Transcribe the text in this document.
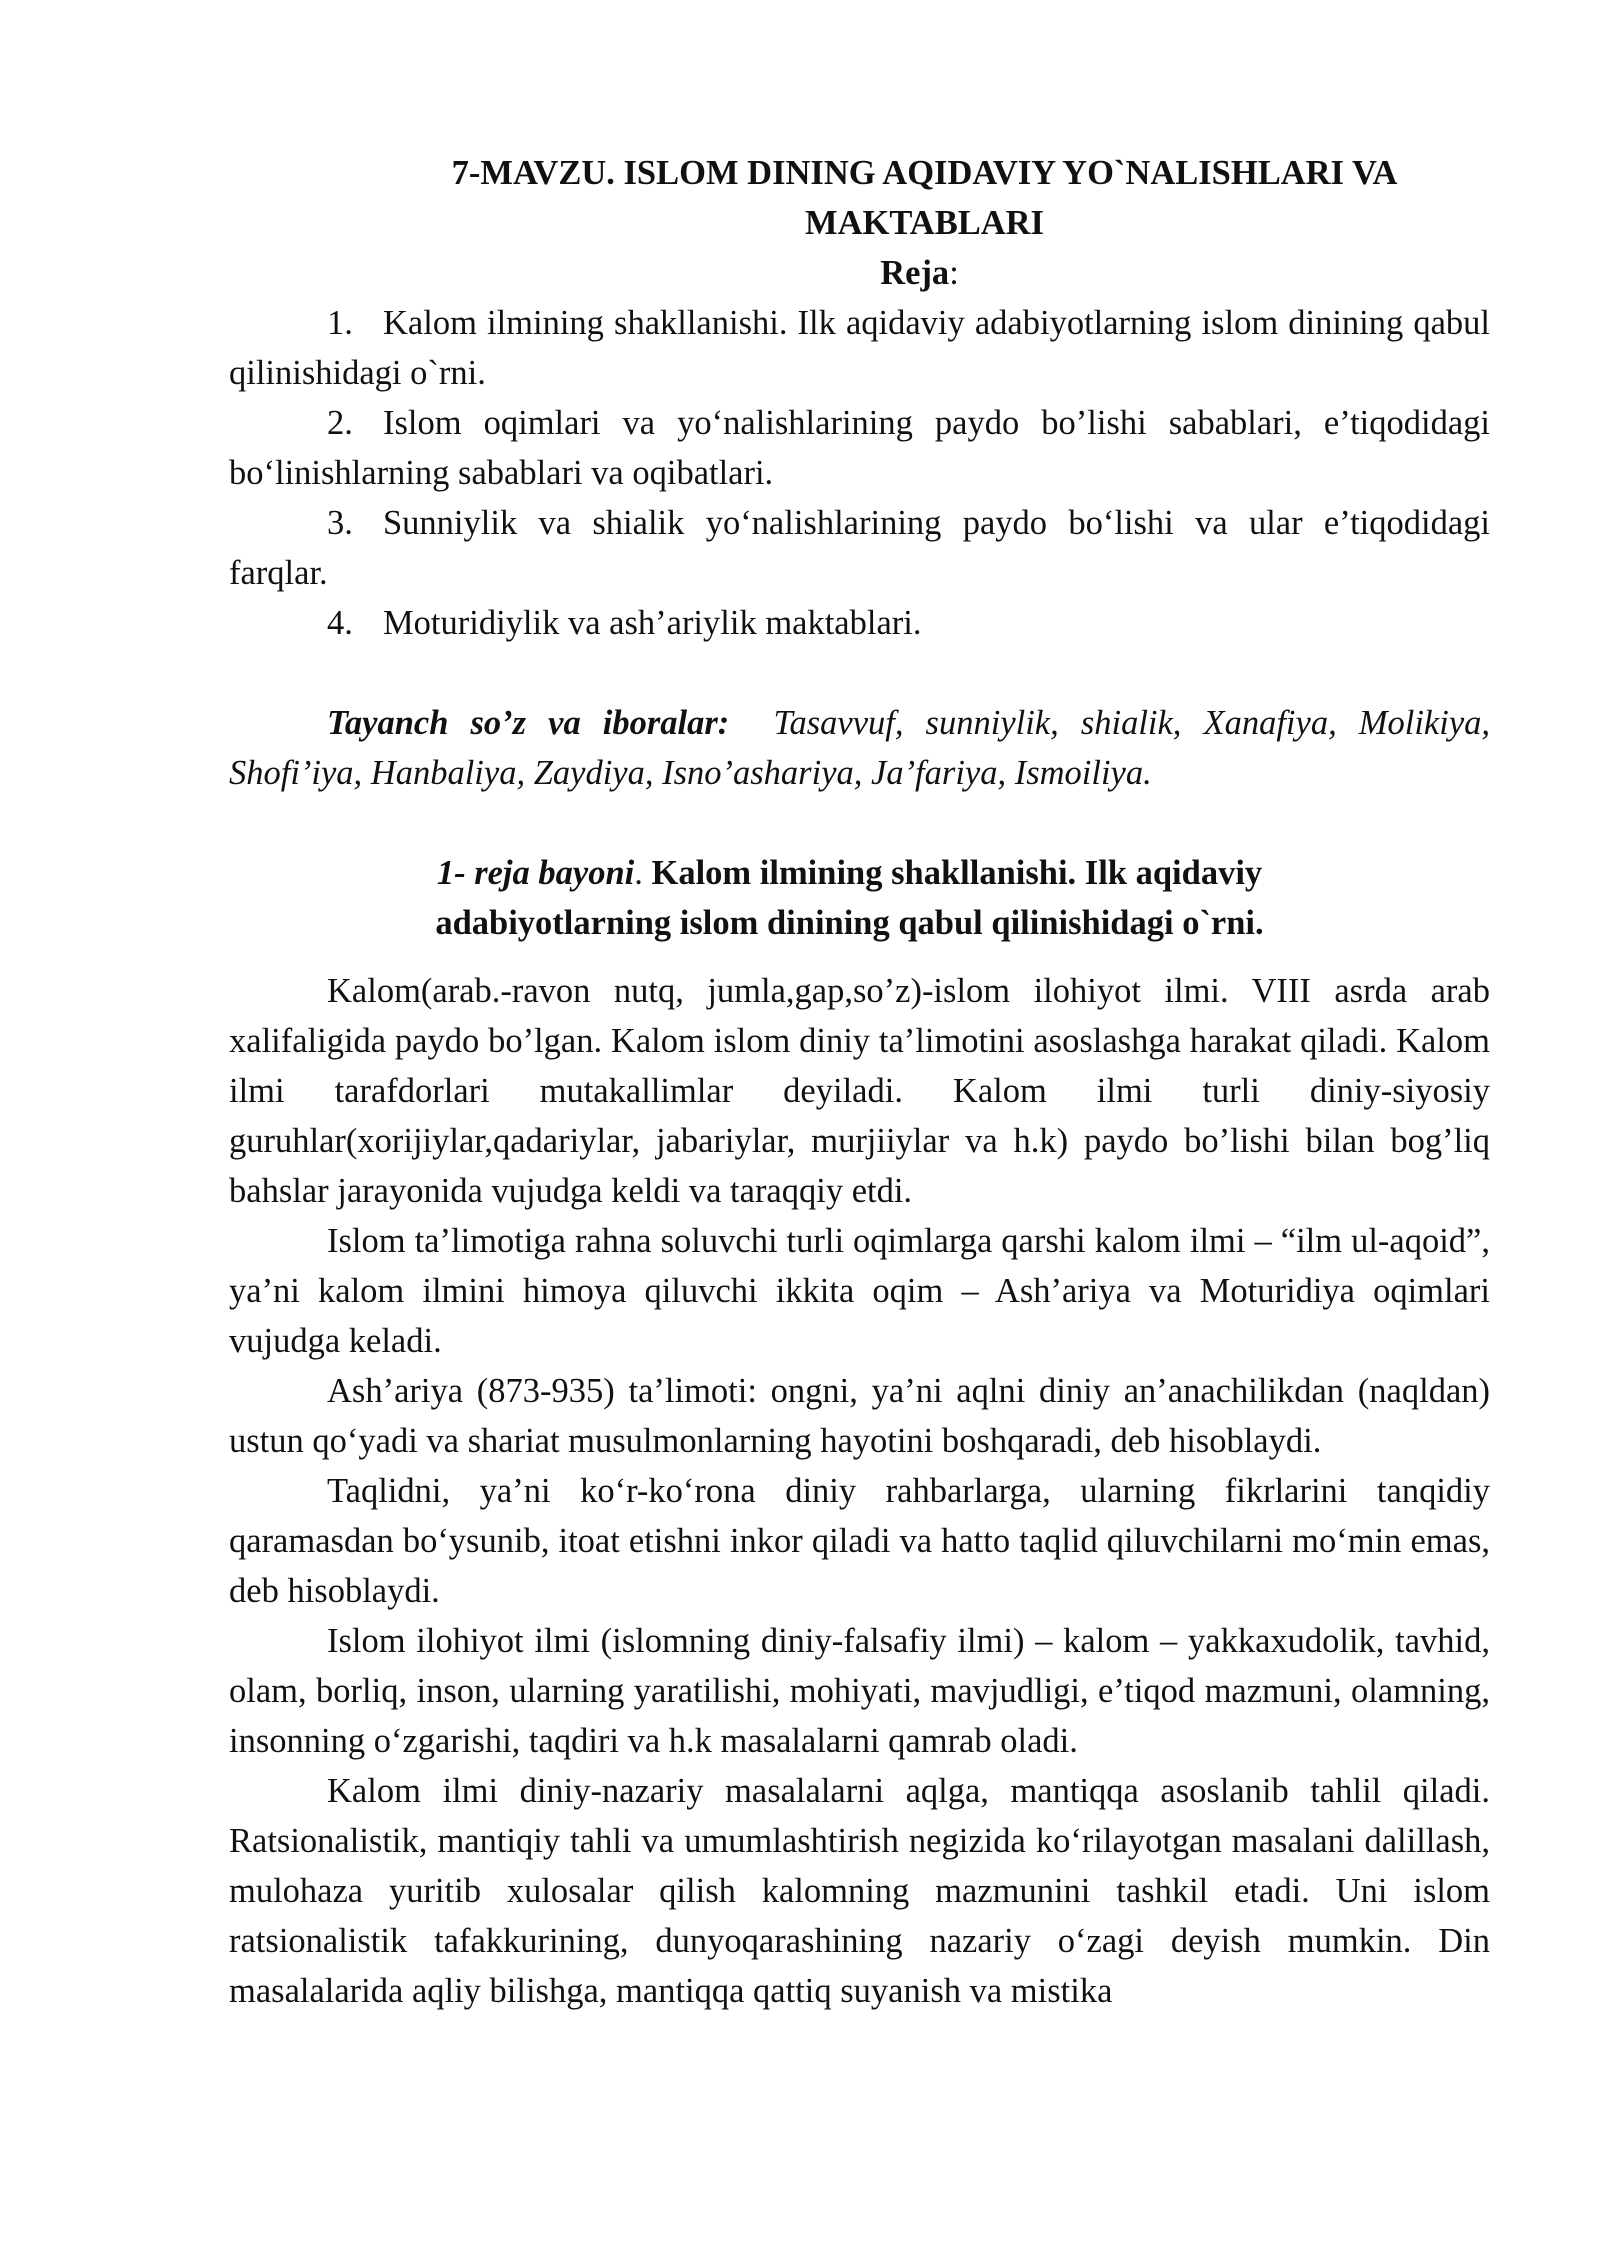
7-MAVZU. ISLOM DINING AQIDAVIY YO`NALISHLARI VA MAKTABLARI

Reja:

1. Kalom ilmining shakllanishi. Ilk aqidaviy adabiyotlarning islom dinining qabul qilinishidagi o`rni.

2. Islom oqimlari va yo‘nalishlarining paydo bo’lishi sabablari, e’tiqodidagi bo‘linishlarning sabablari va oqibatlari.

3. Sunniylik va shialik yo‘nalishlarining paydo bo‘lishi va ular e’tiqodidagi farqlar.

4. Moturidiylik va ash’ariylik maktablari.

Tayanch so’z va iboralar: Tasavvuf, sunniylik, shialik, Xanafiya, Molikiya, Shofi’iya, Hanbaliya, Zaydiya, Isno’ashariya, Ja’fariya, Ismoiliya.

1- reja bayoni. Kalom ilmining shakllanishi. Ilk aqidaviy adabiyotlarning islom dinining qabul qilinishidagi o`rni.

Kalom(arab.-ravon nutq, jumla,gap,so’z)-islom ilohiyot ilmi. VIII asrda arab xalifaligida paydo bo’lgan. Kalom islom diniy ta’limotini asoslashga harakat qiladi. Kalom ilmi tarafdorlari mutakallimlar deyiladi. Kalom ilmi turli diniy-siyosiy guruhlar(xorijiylar,qadariylar, jabariylar, murjiiylar va h.k) paydo bo’lishi bilan bog’liq bahslar jarayonida vujudga keldi va taraqqiy etdi.

Islom ta’limotiga rahna soluvchi turli oqimlarga qarshi kalom ilmi – “ilm ul-aqoid”, ya’ni kalom ilmini himoya qiluvchi ikkita oqim – Ash’ariya va Moturidiya oqimlari vujudga keladi.

Ash’ariya (873-935) ta’limoti: ongni, ya’ni aqlni diniy an’anachilikdan (naqldan) ustun qo‘yadi va shariat musulmonlarning hayotini boshqaradi, deb hisoblaydi.

Taqlidni, ya’ni ko‘r-ko‘rona diniy rahbarlarga, ularning fikrlarini tanqidiy qaramasdan bo‘ysunib, itoat etishni inkor qiladi va hatto taqlid qiluvchilarni mo‘min emas, deb hisoblaydi.

Islom ilohiyot ilmi (islomning diniy-falsafiy ilmi) – kalom – yakkaxudolik, tavhid, olam, borliq, inson, ularning yaratilishi, mohiyati, mavjudligi, e’tiqod mazmuni, olamning, insonning o‘zgarishi, taqdiri va h.k masalalarni qamrab oladi.

Kalom ilmi diniy-nazariy masalalarni aqlga, mantiqqa asoslanib tahlil qiladi. Ratsionalistik, mantiqiy tahli va umumlashtirish negizida ko‘rilayotgan masalani dalillash, mulohaza yuritib xulosalar qilish kalomning mazmunini tashkil etadi. Uni islom ratsionalistik tafakkurining, dunyoqarashining nazariy o‘zagi deyish mumkin. Din masalalarida aqliy bilishga, mantiqqa qattiq suyanish va mistika
